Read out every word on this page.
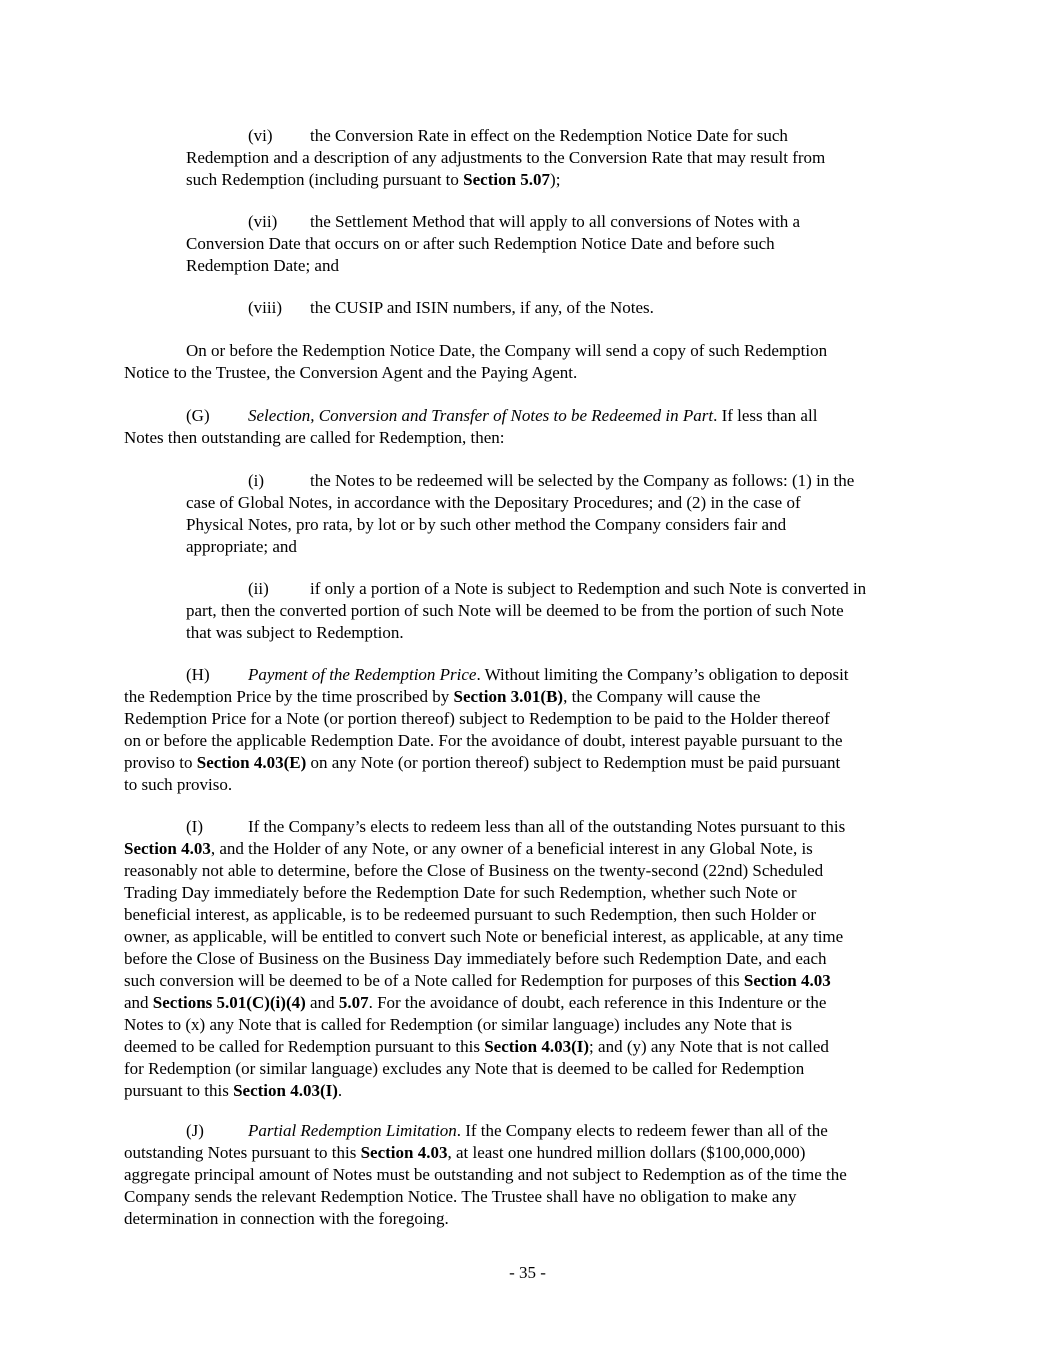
(vi) the Conversion Rate in effect on the Redemption Notice Date for such
Redemption and a description of any adjustments to the Conversion Rate that may result from
such Redemption (including pursuant to Section 5.07);
(vii) the Settlement Method that will apply to all conversions of Notes with a
Conversion Date that occurs on or after such Redemption Notice Date and before such
Redemption Date; and
(viii) the CUSIP and ISIN numbers, if any, of the Notes.
On or before the Redemption Notice Date, the Company will send a copy of such Redemption
Notice to the Trustee, the Conversion Agent and the Paying Agent.
(G) Selection, Conversion and Transfer of Notes to be Redeemed in Part. If less than all
Notes then outstanding are called for Redemption, then:
(i)	the Notes to be redeemed will be selected by the Company as follows: (1) in the
case of Global Notes, in accordance with the Depositary Procedures; and (2) in the case of
Physical Notes, pro rata, by lot or by such other method the Company considers fair and
appropriate; and
(ii) if only a portion of a Note is subject to Redemption and such Note is converted in
part, then the converted portion of such Note will be deemed to be from the portion of such Note
that was subject to Redemption.
(H) Payment of the Redemption Price. Without limiting the Company’s obligation to deposit
the Redemption Price by the time proscribed by Section 3.01(B), the Company will cause the
Redemption Price for a Note (or portion thereof) subject to Redemption to be paid to the Holder thereof
on or before the applicable Redemption Date. For the avoidance of doubt, interest payable pursuant to the
proviso to Section 4.03(E) on any Note (or portion thereof) subject to Redemption must be paid pursuant
to such proviso.
(I)	If the Company’s elects to redeem less than all of the outstanding Notes pursuant to this
Section 4.03, and the Holder of any Note, or any owner of a beneficial interest in any Global Note, is
reasonably not able to determine, before the Close of Business on the twenty-second (22nd) Scheduled
Trading Day immediately before the Redemption Date for such Redemption, whether such Note or
beneficial interest, as applicable, is to be redeemed pursuant to such Redemption, then such Holder or
owner, as applicable, will be entitled to convert such Note or beneficial interest, as applicable, at any time
before the Close of Business on the Business Day immediately before such Redemption Date, and each
such conversion will be deemed to be of a Note called for Redemption for purposes of this Section 4.03
and Sections 5.01(C)(i)(4) and 5.07. For the avoidance of doubt, each reference in this Indenture or the
Notes to (x) any Note that is called for Redemption (or similar language) includes any Note that is
deemed to be called for Redemption pursuant to this Section 4.03(I); and (y) any Note that is not called
for Redemption (or similar language) excludes any Note that is deemed to be called for Redemption
pursuant to this Section 4.03(I).
(J)	Partial Redemption Limitation. If the Company elects to redeem fewer than all of the
outstanding Notes pursuant to this Section 4.03, at least one hundred million dollars ($100,000,000)
aggregate principal amount of Notes must be outstanding and not subject to Redemption as of the time the
Company sends the relevant Redemption Notice. The Trustee shall have no obligation to make any
determination in connection with the foregoing.
- 35 -
